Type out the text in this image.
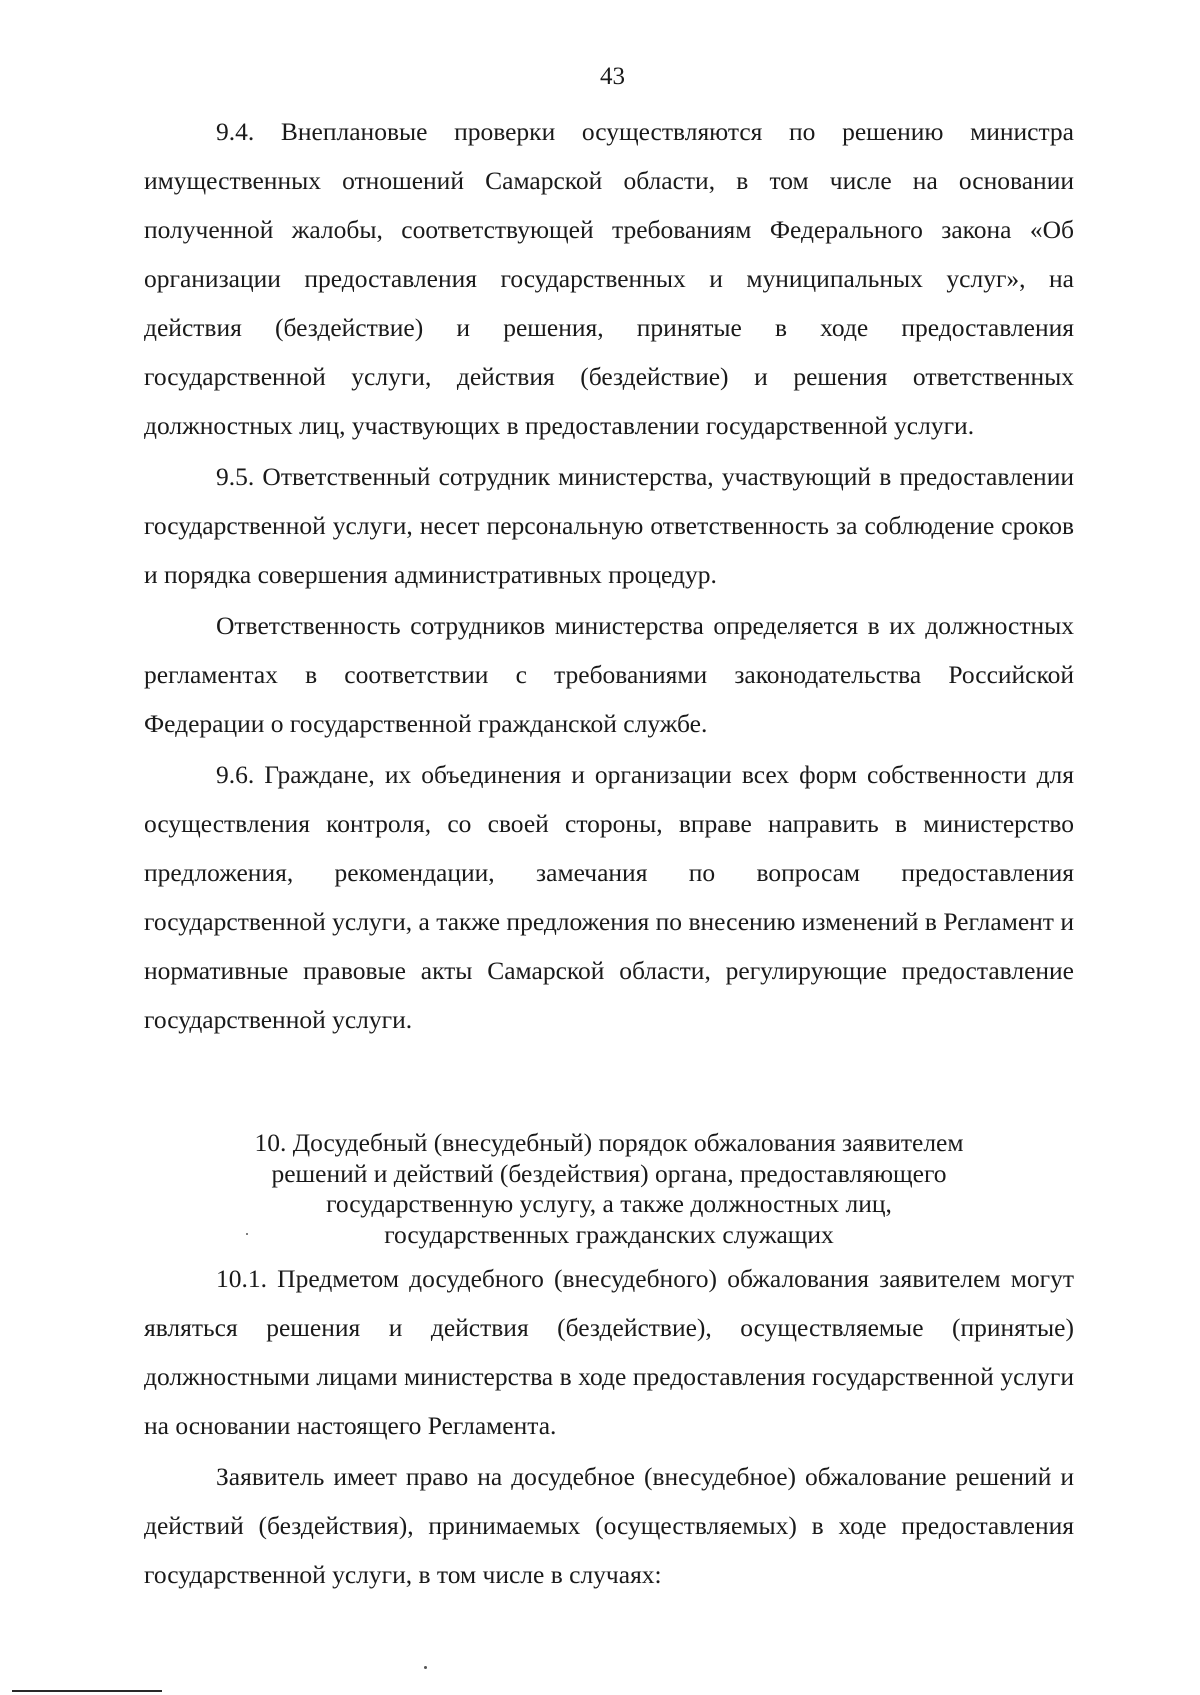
43

9.4. Внеплановые проверки осуществляются по решению министра имущественных отношений Самарской области, в том числе на основании полученной жалобы, соответствующей требованиям Федерального закона «Об организации предоставления государственных и муниципальных услуг», на действия (бездействие) и решения, принятые в ходе предоставления государственной услуги, действия (бездействие) и решения ответственных должностных лиц, участвующих в предоставлении государственной услуги.

9.5. Ответственный сотрудник министерства, участвующий в предоставлении государственной услуги, несет персональную ответственность за соблюдение сроков и порядка совершения административных процедур.

Ответственность сотрудников министерства определяется в их должностных регламентах в соответствии с требованиями законодательства Российской Федерации о государственной гражданской службе.

9.6. Граждане, их объединения и организации всех форм собственности для осуществления контроля, со своей стороны, вправе направить в министерство предложения, рекомендации, замечания по вопросам предоставления государственной услуги, а также предложения по внесению изменений в Регламент и нормативные правовые акты Самарской области, регулирующие предоставление государственной услуги.

10. Досудебный (внесудебный) порядок обжалования заявителем
решений и действий (бездействия) органа, предоставляющего
государственную услугу, а также должностных лиц,
государственных гражданских служащих

10.1. Предметом досудебного (внесудебного) обжалования заявителем могут являться решения и действия (бездействие), осуществляемые (принятые) должностными лицами министерства в ходе предоставления государственной услуги на основании настоящего Регламента.

Заявитель имеет право на досудебное (внесудебное) обжалование решений и действий (бездействия), принимаемых (осуществляемых) в ходе предоставления государственной услуги, в том числе в случаях:
